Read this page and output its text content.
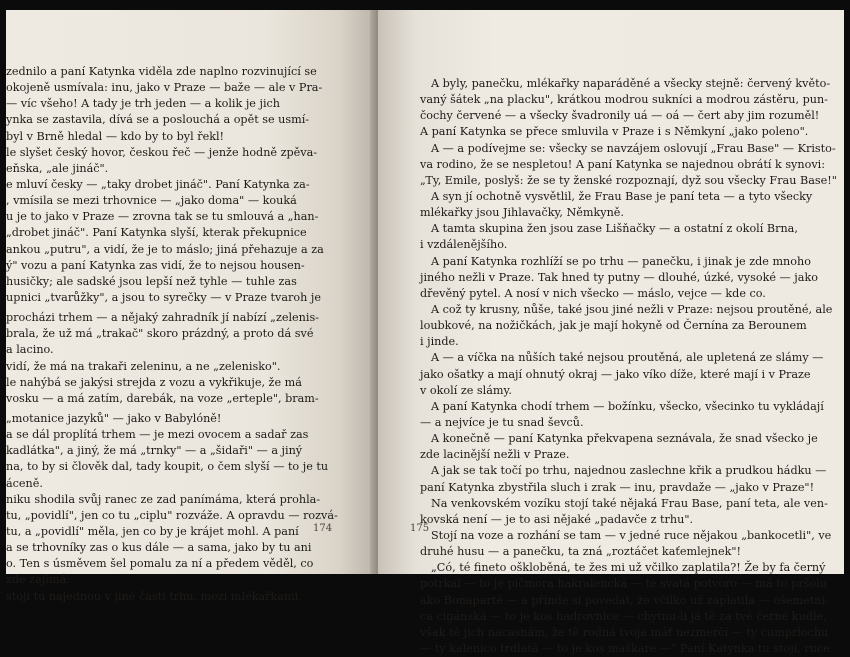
zednilo a paní Katynka viděla zde naplno rozvinující se
okojeně usmívala: inu, jako v Praze — baže — ale v Pra-
— víc všeho! A tady je trh jeden — a kolik je jich
ynka se zastavila, dívá se a poslouchá a opět se usmí-
byl v Brně hledal — kdo by to byl řekl!
le slyšet český hovor, českou řeč — jenže hodně zpěva-
eňska, „ale jináč".
e mluví česky — „taky drobet jináč". Paní Katynka za-
, vmísila se mezi trhovnice — „jako doma" — kouká
u je to jako v Praze — zrovna tak se tu smlouvá a „han-
„drobet jináč". Paní Katynka slyší, kterak překupnice
ankou „putru", a vidí, že je to máslo; jiná přehazuje a za
ý" vozu a paní Katynka zas vidí, že to nejsou housen-
husičky; ale sadské jsou lepší než tyhle — tuhle zas
upnici „tvarůžky", a jsou to syrečky — v Praze tvaroh je
procházi trhem — a nějaký zahradník jí nabízí „zelenis-
brala, že už má „trakač" skoro prázdný, a proto dá své
a lacino.
vidí, že má na trakaři zeleninu, a ne „zelenisko".
le nahýbá se jakýsi strejda z vozu a vykřikuje, že má
vosku — a má zatím, darebák, na voze „erteple", bram-
„motanice jazyků" — jako v Babylóně!
a se dál proplítá trhem — je mezi ovocem a sadař zas
kadlátka", a jiný, že má „trnky" — a „šidaři" — a jiný
na, to by si člověk dal, tady koupit, o čem slyší — to je tu
áceně.
niku shodila svůj ranec ze zad panímáma, která prohla-
tu, „povidlí", jen co tu „ciplu" rozváže. A opravdu — rozvá-
tu, a „povidlí" měla, jen co by je krájet mohl. A paní
a se trhovníky zas o kus dále — a sama, jako by tu ani
o. Ten s úsměvem šel pomalu za ní a předem věděl, co
zde zajímá.
stojí tu najednou v jiné části trhu, mezi mlékařkami.
174	175
A byly, panečku, mlékařky naparáděné a všecky stejně: červený květo-
vaný šátek „na placku", krátkou modrou sukníci a modrou zástěru, pun-
čochy červené — a všecky švadronily uá — oá — čert aby jim rozuměl!
A paní Katynka se přece smluvila v Praze i s Němkyní „jako poleno".
A — a podívejme se: všecky se navzájem oslovují „Frau Base" — Kristo-
va rodino, že se nespletou! A paní Katynka se najednou obrátí k synovi:
„Ty, Emile, poslyš: že se ty ženské rozpoznají, dyž sou všecky Frau Base!"
A syn jí ochotně vysvětlil, že Frau Base je paní teta — a tyto všecky
mlékařky jsou Jihlavačky, Němkyně.
A tamta skupina žen jsou zase Lišňačky — a ostatní z okolí Brna,
i vzdálenějšího.
A paní Katynka rozhlíží se po trhu — panečku, i jinak je zde mnoho
jiného nežli v Praze. Tak hned ty putny — dlouhé, úzké, vysoké — jako
dřevěný pytel. A nosí v nich všecko — máslo, vejce — kde co.
A což ty krusny, nůše, také jsou jiné nežli v Praze: nejsou proutěné, ale
loubkové, na nožičkách, jak je mají hokyně od Černína za Berounem
i jinde.
A — a víčka na nůších také nejsou proutěná, ale upletená ze slámy —
jako ošatky a mají ohnutý okraj — jako víko díže, které mají i v Praze
v okolí ze slámy.
A paní Katynka chodí trhem — božínku, všecko, všecinko tu vykládají
— a nejvíce je tu snad ševců.
A konečně — paní Katynka překvapena seznávala, že snad všecko je
zde lacinější nežli v Praze.
A jak se tak točí po trhu, najednou zaslechne křik a prudkou hádku —
paní Katynka zbystřila sluch i zrak — inu, pravdaže — „jako v Praze"!
Na venkovském vozíku stojí také nějaká Frau Base, paní teta, ale ven-
kovská není — je to asi nějaké „padavče z trhu".
Stojí na voze a rozhání se tam — v jedné ruce nějakou „bankocetli", ve
druhé husu — a panečku, ta zná „roztáčet kaťemlejnek"!
„Có, té fineto oškloběná, te žes mi už včilko zaplatila?! Že by fa černý
potrkal — to je pičmora hakralencká — te svatá potvoro — má to pršolu
ako Bonaparté — a přinde si povedat, že včilko už zaplatila — ošemetni-
ca cigánská — to je kos hadrovnice — chytnu-li já tě za tvé černé kudle,
však tě jich nacasnám, že tě rodná tvoja máť nezmerčí — ty cumprlochu
— ty kalenico trdlatá — to je kos maškare —" Paní Katynka tu stojí, ruce
